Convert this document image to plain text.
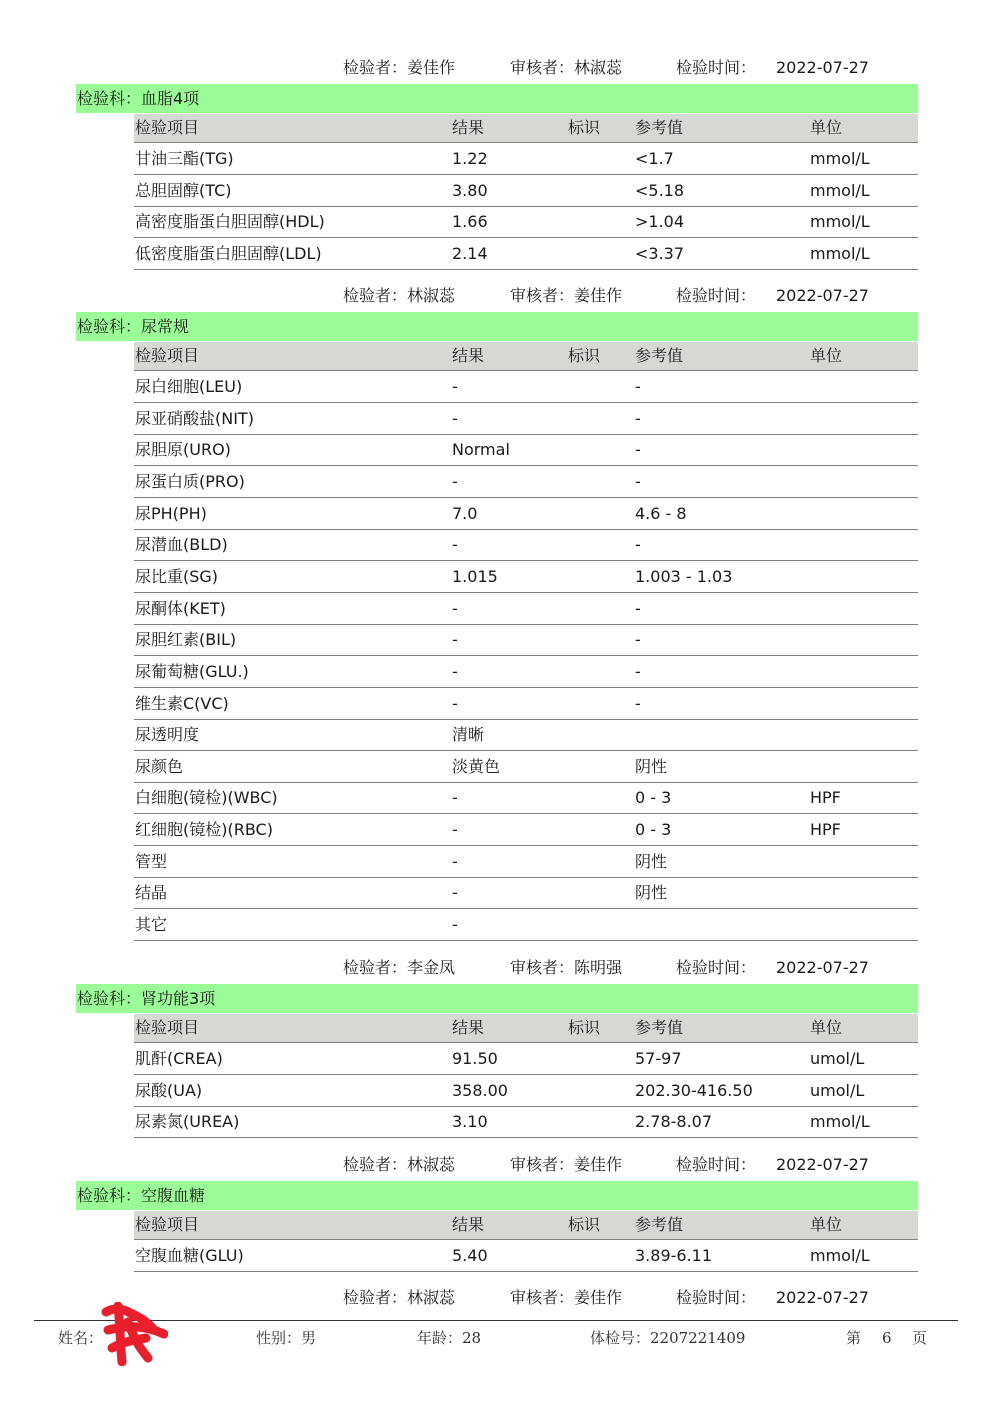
检验者：姜佳作	审核者：林淑蕊	检验时间： 2022-07-27
检验科：血脂4项
检验项目	结果	标识 参考值	单位
甘油三酯(TG)	1.22	<1.7	mmol/L
总胆固醇(TC)	3.80	<5.18	mmol/L
高密度脂蛋白胆固醇(HDL)	1.66	>1.04	mmol/L
低密度脂蛋白胆固醇(LDL)	2.14	<3.37	mmol/L
检验者：林淑蕊	审核者：姜佳作	检验时间： 2022-07-27
检验科：尿常规
检验项目	结果	标识 参考值	单位
尿白细胞(LEU)	-	-
尿亚硝酸盐(NIT)	-	-
尿胆原(URO)	Normal	-
尿蛋白质(PRO)	-	-
尿PH(PH)	7.0	4.6 - 8
尿潜血(BLD)	-	-
尿比重(SG)	1.015	1.003 - 1.03
尿酮体(KET)	-	-
尿胆红素(BIL)	-	-
尿葡萄糖(GLU.)	-	-
维生素C(VC)	-	-
尿透明度	清晰
尿颜色	淡黄色	阴性
白细胞(镜检)(WBC)	-	0 - 3	HPF
红细胞(镜检)(RBC)	-	0 - 3	HPF
管型	-	阴性
结晶	-	阴性
其它	-
检验者：李金凤	审核者：陈明强	检验时间： 2022-07-27
检验科：肾功能3项
检验项目	结果	标识 参考值	单位
肌酐(CREA)	91.50	57-97	umol/L
尿酸(UA)	358.00	202.30-416.50	umol/L
尿素氮(UREA)	3.10	2.78-8.07	mmol/L
检验者：林淑蕊	审核者：姜佳作	检验时间： 2022-07-27
检验科：空腹血糖
检验项目	结果	标识 参考值	单位
空腹血糖(GLU)	5.40	3.89-6.11	mmol/L
检验者：林淑蕊	审核者：姜佳作	检验时间： 2022-07-27
姓名：	性别：男	年龄：28	体检号：2207221409	第 6 页
